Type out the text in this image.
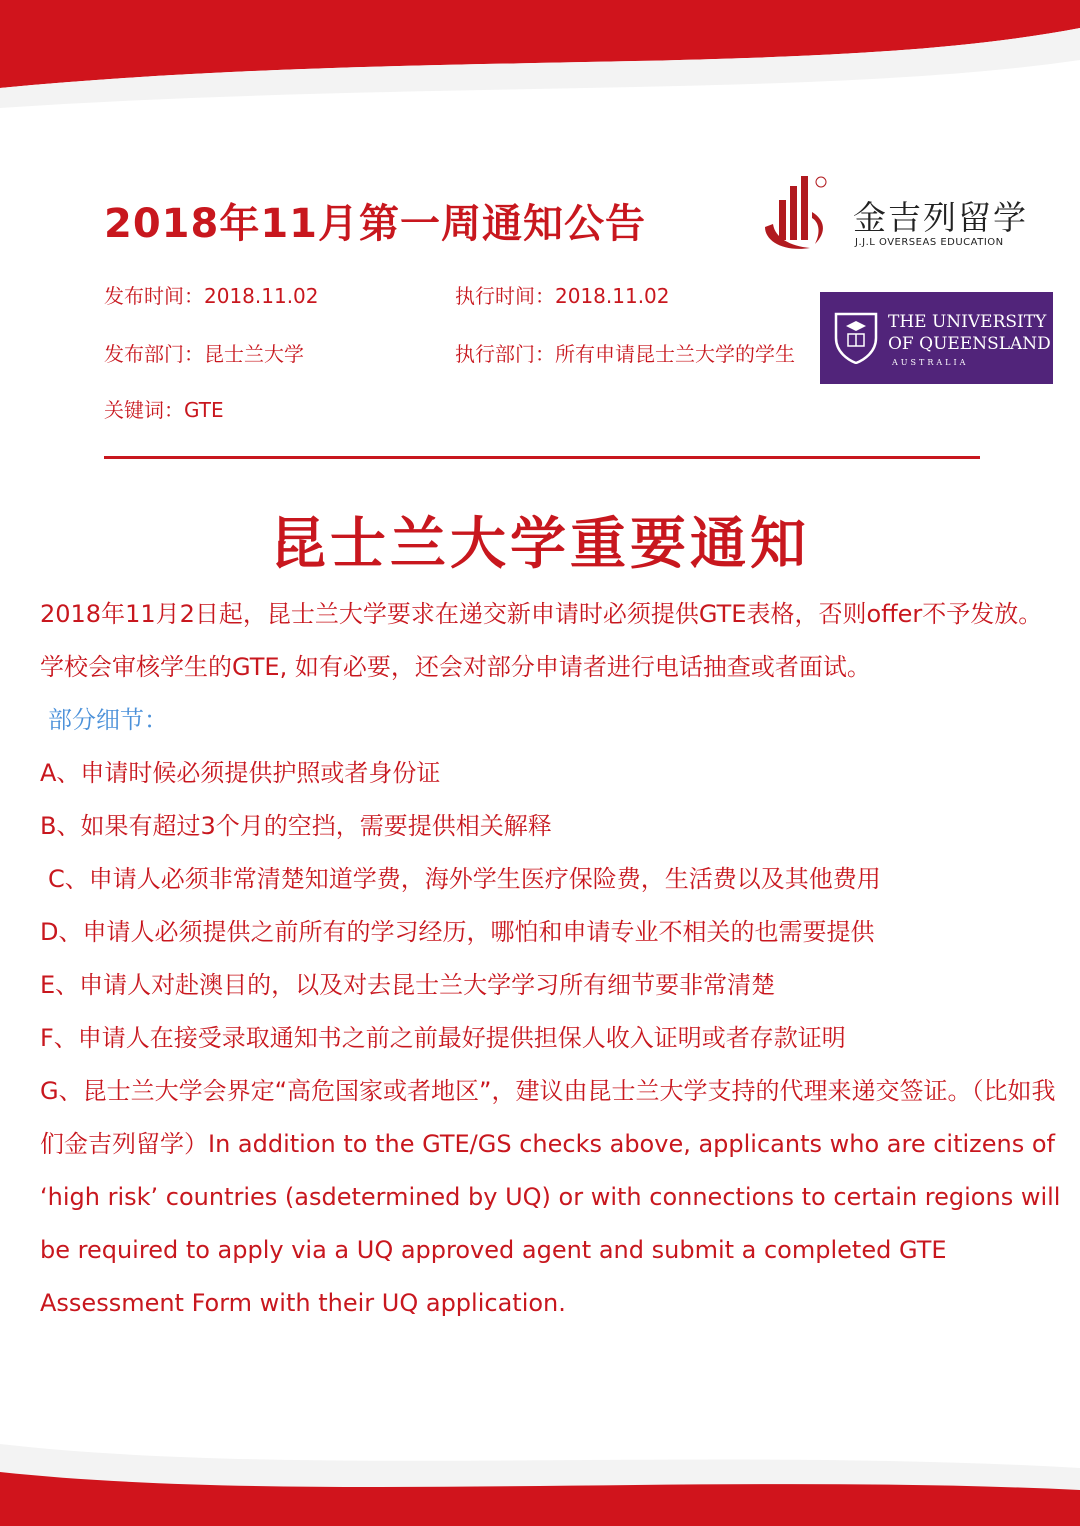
2018年11月第一周通知公告	金吉列留学
J.J.L OVERSEAS EDUCATION
发布时间：2018.11.02	执行时间：2018.11.02
发布部门：昆士兰大学	执行部门：所有申请昆士兰大学的学生
关键词：GTE
THE UNIVERSITY
OF QUEENSLAND
AUSTRALIA
昆士兰大学重要通知

2018年11月2日起，昆士兰大学要求在递交新申请时必须提供GTE表格，否则offer不予发放。

学校会审核学生的GTE, 如有必要，还会对部分申请者进行电话抽查或者面试。

部分细节：

A、申请时候必须提供护照或者身份证

B、如果有超过3个月的空挡，需要提供相关解释

C、申请人必须非常清楚知道学费，海外学生医疗保险费，生活费以及其他费用

D、申请人必须提供之前所有的学习经历，哪怕和申请专业不相关的也需要提供

E、申请人对赴澳目的，以及对去昆士兰大学学习所有细节要非常清楚

F、申请人在接受录取通知书之前之前最好提供担保人收入证明或者存款证明

G、昆士兰大学会界定“高危国家或者地区”，建议由昆士兰大学支持的代理来递交签证。（比如我们金吉列留学）In addition to the GTE/GS checks above, applicants who are citizens of ‘high risk’ countries (asdetermined by UQ) or with connections to certain regions will be required to apply via a UQ approved agent and submit a completed GTE Assessment Form with their UQ application.
